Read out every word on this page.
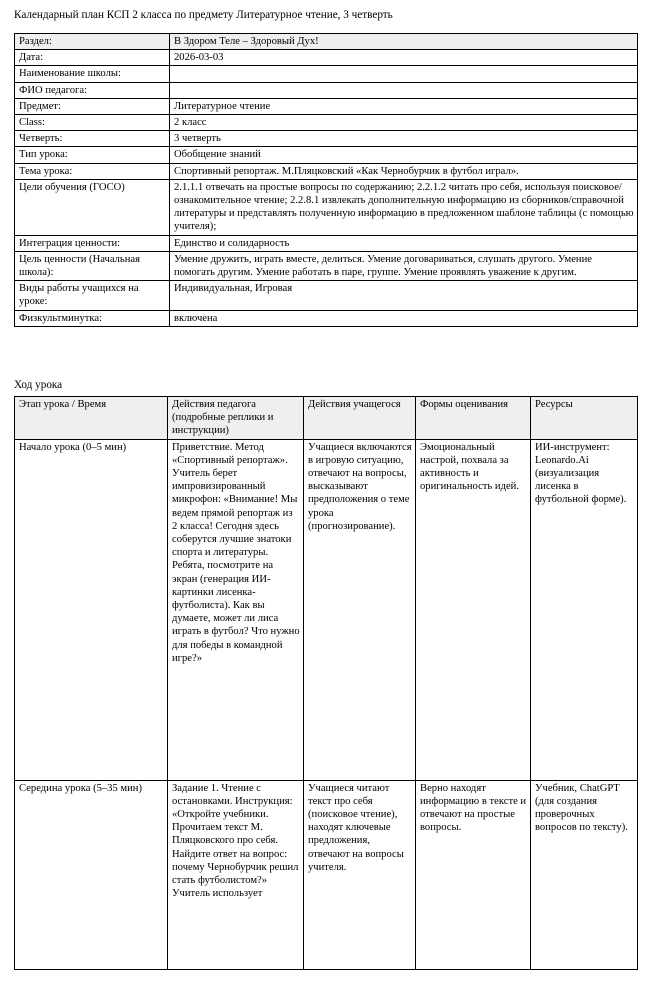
Календарный план КСП 2 класса по предмету Литературное чтение, 3 четверть
Раздел:	В Здором Теле – Здоровый Дух!
Дата:	2026-03-03
Наименование школы:	
ФИО педагога:	
Предмет:	Литературное чтение
Class:	2 класс
Четверть:	3 четверть
Тип урока:	Обобщение знаний
Тема урока:	Спортивный репортаж. М.Пляцковский «Как Чернобурчик в футбол играл».
Цели обучения (ГОСО)	2.1.1.1 отвечать на простые вопросы по содержанию; 2.2.1.2 читать про себя, используя поисковое/ознакомительное чтение; 2.2.8.1 извлекать дополнительную информацию из сборников/справочной литературы и представлять полученную информацию в предложенном шаблоне таблицы (с помощью учителя);
Интеграция ценности:	Единство и солидарность
Цель ценности (Начальная школа):	Умение дружить, играть вместе, делиться. Умение договариваться, слушать другого. Умение помогать другим. Умение работать в паре, группе. Умение проявлять уважение к другим.
Виды работы учащихся на уроке:	Индивидуальная, Игровая
Физкультминутка:	включена
Ход урока
Этап урока / Время	Действия педагога (подробные реплики и инструкции)	Действия учащегося	Формы оценивания	Ресурсы
Начало урока (0–5 мин)	Приветствие. Метод «Спортивный репортаж». Учитель берет импровизированный микрофон: «Внимание! Мы ведем прямой репортаж из 2 класса! Сегодня здесь соберутся лучшие знатоки спорта и литературы. Ребята, посмотрите на экран (генерация ИИ-картинки лисенка-футболиста). Как вы думаете, может ли лиса играть в футбол? Что нужно для победы в командной игре?»	Учащиеся включаются в игровую ситуацию, отвечают на вопросы, высказывают предположения о теме урока (прогнозирование).	Эмоциональный настрой, похвала за активность и оригинальность идей.	ИИ-инструмент: Leonardo.Ai (визуализация лисенка в футбольной форме).
Середина урока (5–35 мин)	Задание 1. Чтение с остановками. Инструкция: «Откройте учебники. Прочитаем текст М. Пляцковского про себя. Найдите ответ на вопрос: почему Чернобурчик решил стать футболистом?» Учитель использует	Учащиеся читают текст про себя (поисковое чтение), находят ключевые предложения, отвечают на вопросы учителя.	Верно находят информацию в тексте и отвечают на простые вопросы.	Учебник, ChatGPT (для создания проверочных вопросов по тексту).
